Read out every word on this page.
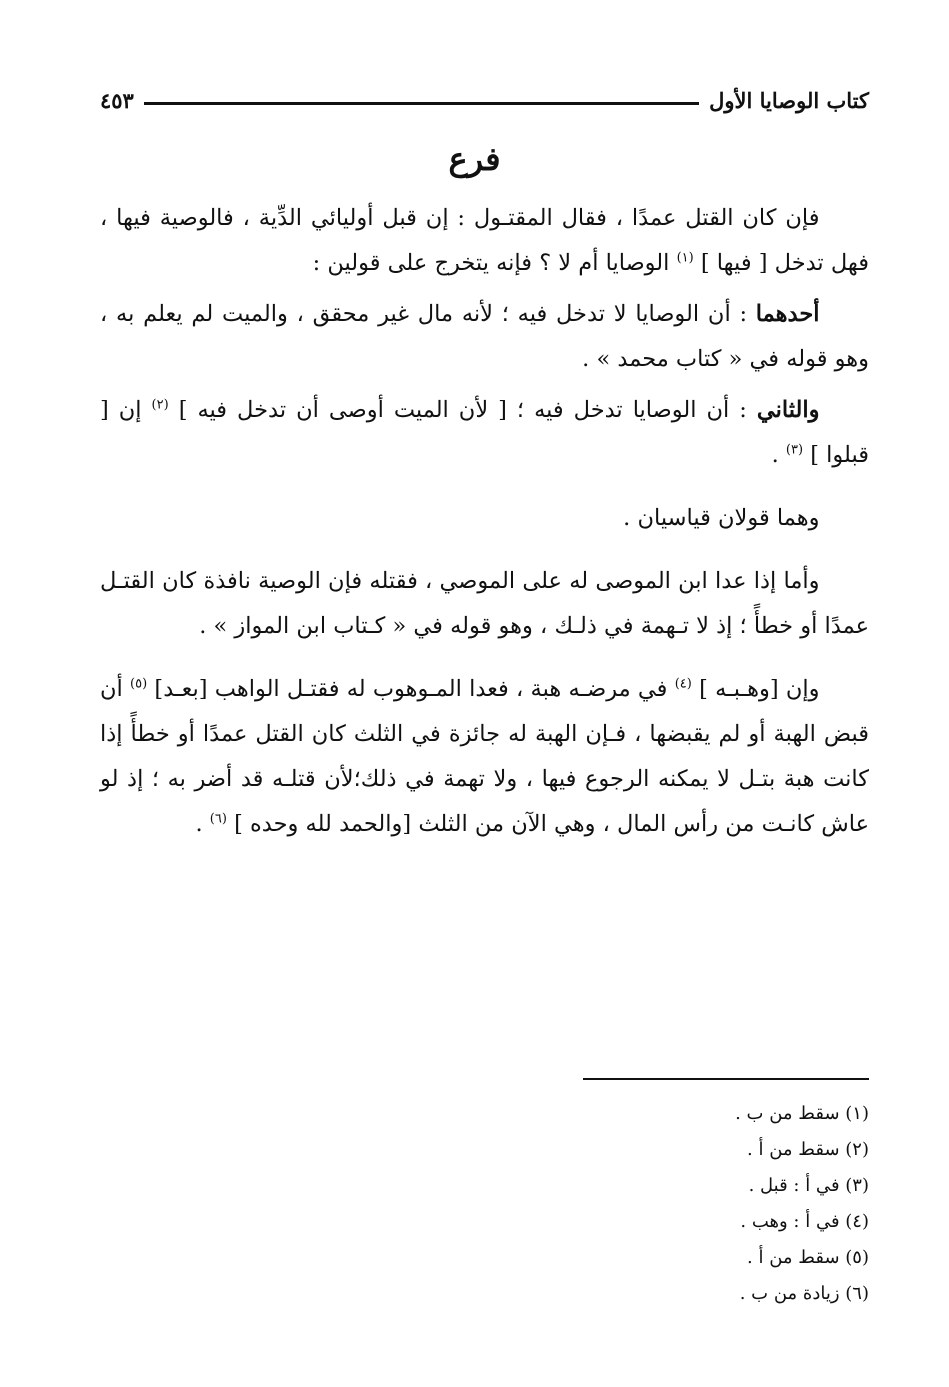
كتاب الوصايا الأول
٤٥٣
فرع

فإن كان القتل عمدًا ، فقال المقتـول : إن قبل أوليائي الدِّية ، فالوصية فيها ، فهل تدخل [ فيها ] $^{(١)}$ الوصايا أم لا ؟ فإنه يتخرج على قولين :

أحدهما : أن الوصايا لا تدخل فيه ؛ لأنه مال غير محقق ، والميت لم يعلم به ، وهو قوله في « كتاب محمد » .

والثاني : أن الوصايا تدخل فيه ؛ [ لأن الميت أوصى أن تدخل فيه ] $^{(٢)}$ إن [ قبلوا ] $^{(٣)}$ .

وهما قولان قياسيان .

وأما إذا عدا ابن الموصى له على الموصي ، فقتله فإن الوصية نافذة كان القتـل عمدًا أو خطأً ؛ إذ لا تـهمة في ذلـك ، وهو قوله في « كـتاب ابن المواز » .

وإن [وهـبـه ] $^{(٤)}$ في مرضـه هبة ، فعدا المـوهوب له فقتـل الواهب [بعـد] $^{(٥)}$ أن قبض الهبة أو لم يقبضها ، فـإن الهبة له جائزة في الثلث كان القتل عمدًا أو خطأً إذا كانت هبة بتـل لا يمكنه الرجوع فيها ، ولا تهمة في ذلك؛لأن قتلـه قد أضر به ؛ إذ لو عاش كانـت من رأس المال ، وهي الآن من الثلث [والحمد لله وحده ] $^{(٦)}$ .

(١) سقط من ب .
(٢) سقط من أ .
(٣) في أ : قبل .
(٤) في أ : وهب .
(٥) سقط من أ .
(٦) زيادة من ب .
